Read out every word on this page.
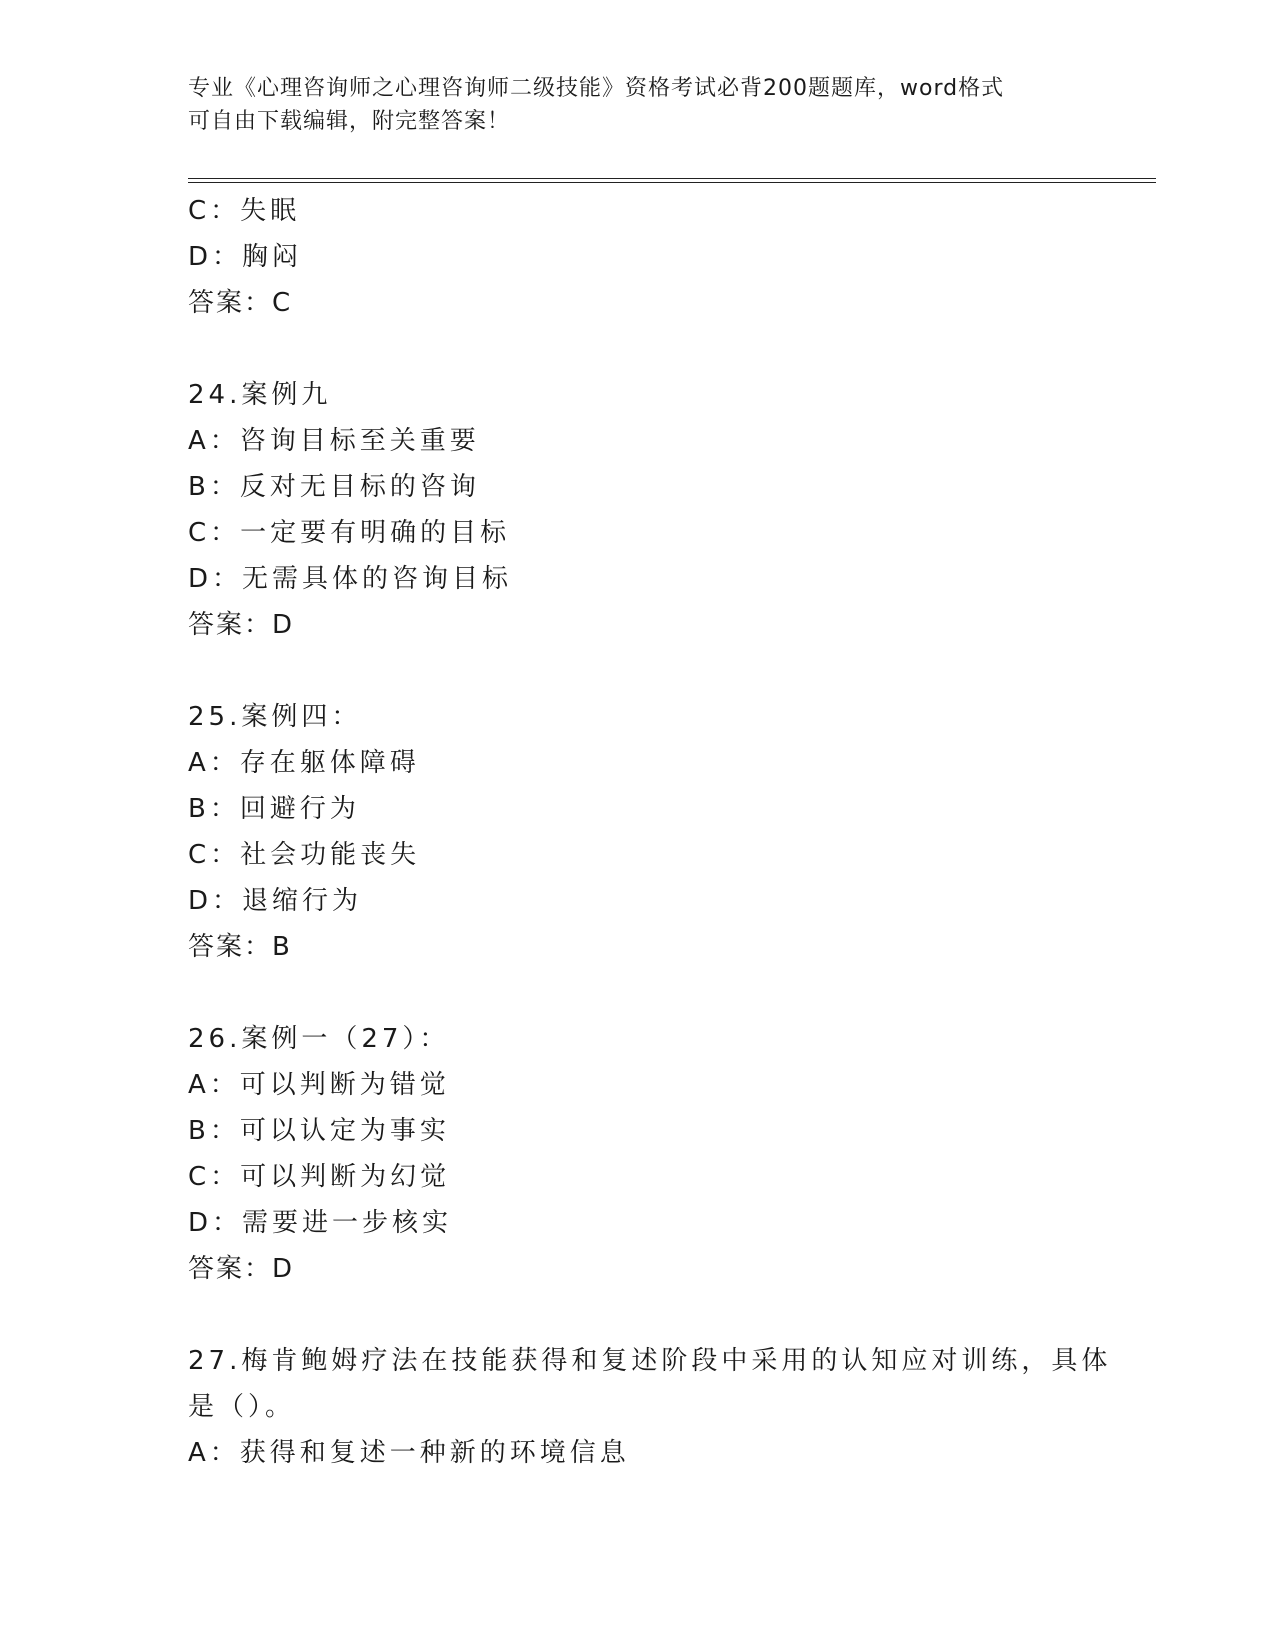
专业《心理咨询师之心理咨询师二级技能》资格考试必背200题题库，word格式
可自由下载编辑，附完整答案！
C：失眠
D：胸闷
答案：C
24.案例九
A：咨询目标至关重要
B：反对无目标的咨询
C：一定要有明确的目标
D：无需具体的咨询目标
答案：D
25.案例四：
A：存在躯体障碍
B：回避行为
C：社会功能丧失
D：退缩行为
答案：B
26.案例一（27）：
A：可以判断为错觉
B：可以认定为事实
C：可以判断为幻觉
D：需要进一步核实
答案：D
27.梅肯鲍姆疗法在技能获得和复述阶段中采用的认知应对训练，具体
是（）。
A：获得和复述一种新的环境信息
